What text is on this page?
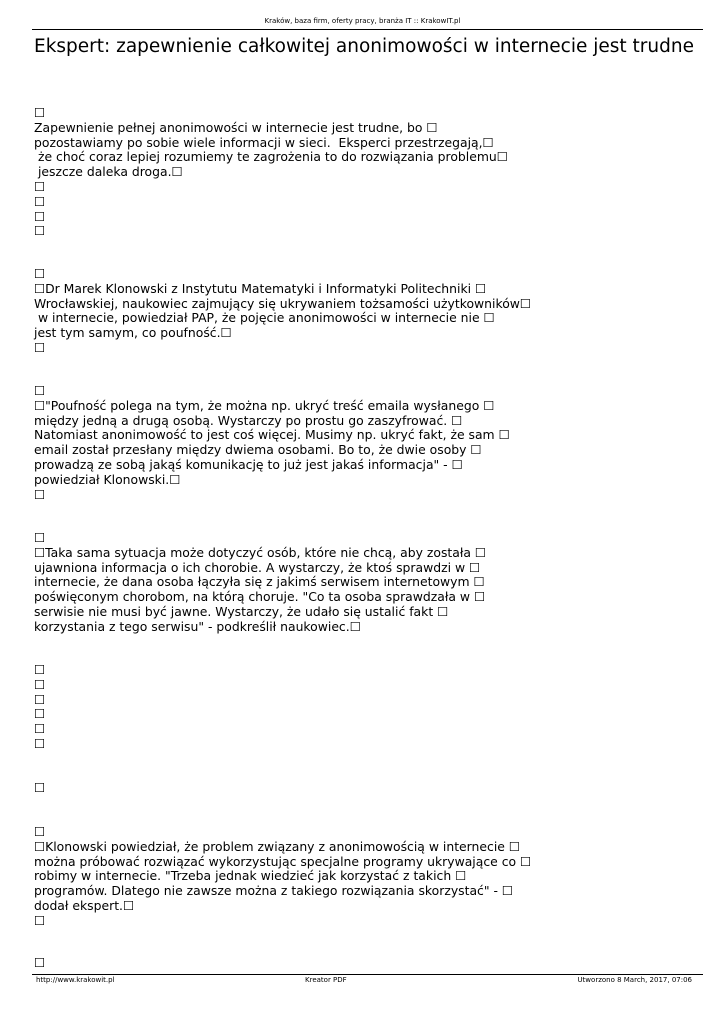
Kraków, baza firm, oferty pracy, branża IT :: KrakowIT.pl
Ekspert: zapewnienie całkowitej anonimowości w internecie jest trudne
☐
Zapewnienie pełnej anonimowości w internecie jest trudne, bo ☐
pozostawiamy po sobie wiele informacji w sieci.  Eksperci przestrzegają,☐
że choć coraz lepiej rozumiemy te zagrożenia to do rozwiązania problemu☐
jeszcze daleka droga.☐
☐
☐
☐
☐
☐
☐Dr Marek Klonowski z Instytutu Matematyki i Informatyki Politechniki ☐
Wrocławskiej, naukowiec zajmujący się ukrywaniem tożsamości użytkowników☐
w internecie, powiedział PAP, że pojęcie anonimowości w internecie nie ☐
jest tym samym, co poufność.☐
☐
☐
☐"Poufność polega na tym, że można np. ukryć treść emaila wysłanego ☐
między jedną a drugą osobą. Wystarczy po prostu go zaszyfrować. ☐
Natomiast anonimowość to jest coś więcej. Musimy np. ukryć fakt, że sam ☐
email został przesłany między dwiema osobami. Bo to, że dwie osoby ☐
prowadzą ze sobą jakąś komunikację to już jest jakaś informacja" - ☐
powiedział Klonowski.☐
☐
☐
☐Taka sama sytuacja może dotyczyć osób, które nie chcą, aby została ☐
ujawniona informacja o ich chorobie. A wystarczy, że ktoś sprawdzi w ☐
internecie, że dana osoba łączyła się z jakimś serwisem internetowym ☐
poświęconym chorobom, na którą choruje. "Co ta osoba sprawdzała w ☐
serwisie nie musi być jawne. Wystarczy, że udało się ustalić fakt ☐
korzystania z tego serwisu" - podkreślił naukowiec.☐
☐
☐
☐
☐
☐
☐
☐
☐
☐Klonowski powiedział, że problem związany z anonimowością w internecie ☐
można próbować rozwiązać wykorzystując specjalne programy ukrywające co ☐
robimy w internecie. "Trzeba jednak wiedzieć jak korzystać z takich ☐
programów. Dlatego nie zawsze można z takiego rozwiązania skorzystać" - ☐
dodał ekspert.☐
☐
☐
http://www.krakowit.pl	Kreator PDF	Utworzono 8 March, 2017, 07:06
